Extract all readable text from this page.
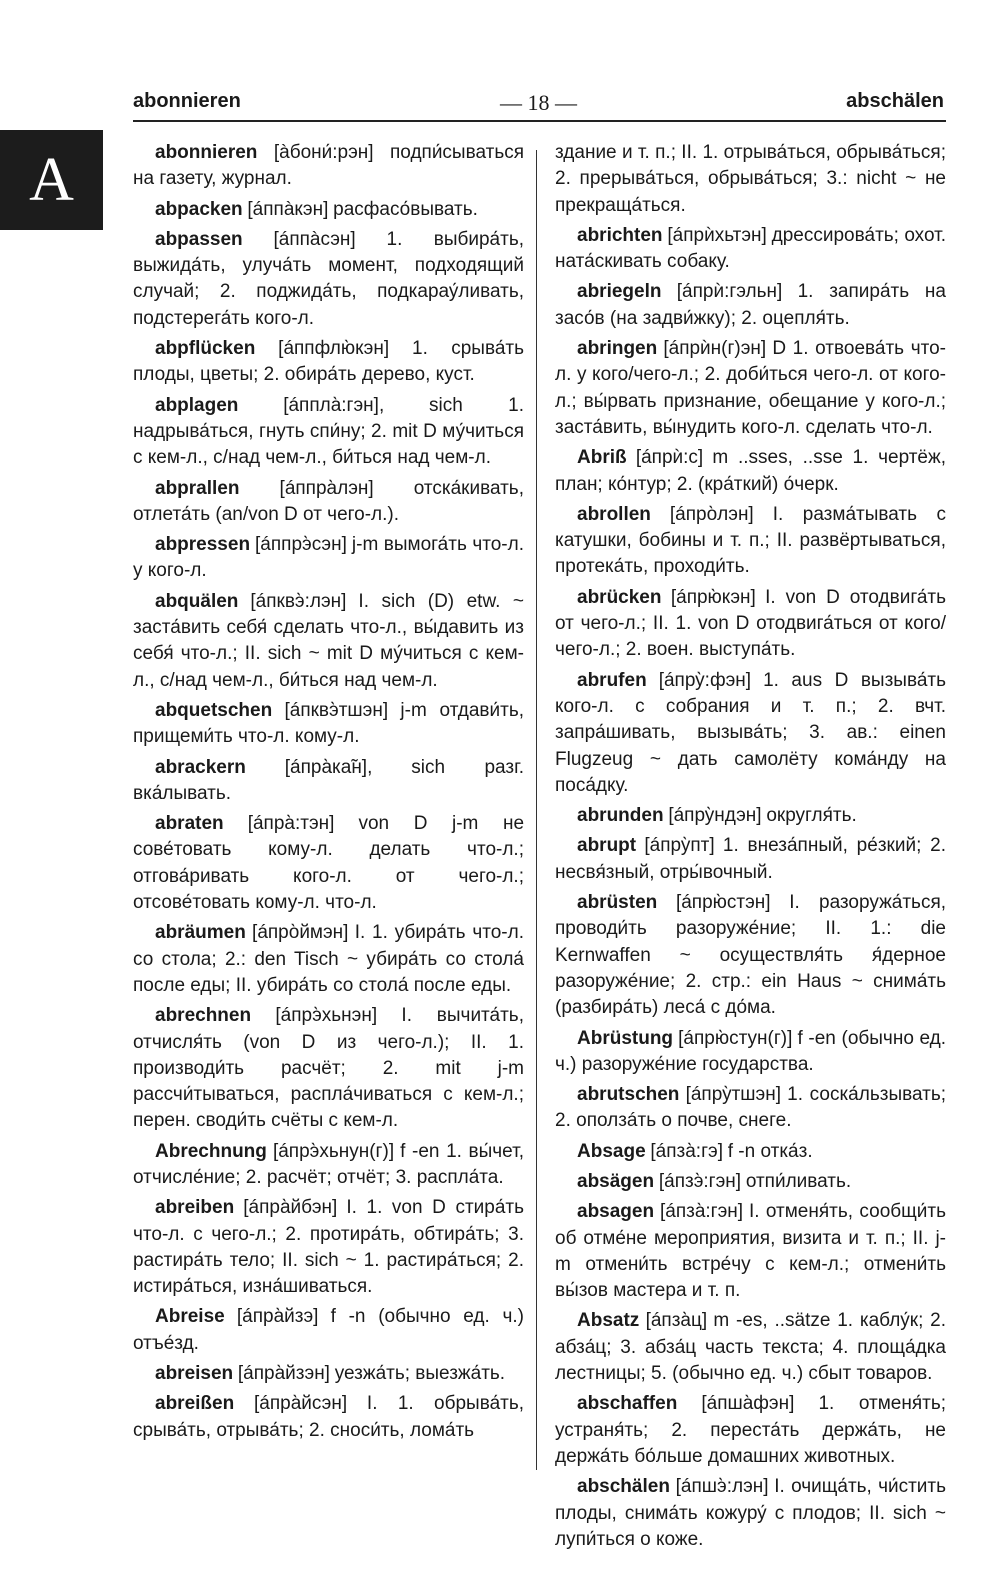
A
abonnieren	— 18 —	abschälen

abonnieren [àбони́:рэн] подпи́сываться на газету, журнал.

abpacken [áппàкэн] расфасо́вывать.

abpassen [áппàсэн] 1. выбира́ть, выжида́ть, улуча́ть момент, подходящий случай; 2. поджида́ть, подкарау́ливать, подстерега́ть кого-л.

abpflücken [áппфлю̀кэн] 1. срыва́ть плоды, цветы; 2. обира́ть дерево, куст.

abplagen [áппла̀:гэн], sich 1. надрыва́ться, гнуть спи́ну; 2. mit D му́читься с кем-л., с/над чем-л., би́ться над чем-л.

abprallen [áппра̀лэн] отска́кивать, отлета́ть (an/von D от чего-л.).

abpressen [áппрэ̀сэн] j-m вымога́ть что-л. у кого-л.

abquälen [áпквэ̀:лэн] I. sich (D) etw. ~ заста́вить себя́ сделать что-л., вы́давить из себя́ что-л.; II. sich ~ mit D му́читься с кем-л., с/над чем-л., би́ться над чем-л.

abquetschen [áпквэ̀тшэн] j-m отдави́ть, прищеми́ть что-л. кому-л.

abrackern [áпра̀ка̃н], sich разг. вка́лывать.

abraten [áпра̀:тэн] von D j-m не сове́товать кому-л. делать что-л.; отгова́ривать кого-л. от чего-л.; отсове́товать кому-л. что-л.

abräumen [áпро̀ймэн] I. 1. убира́ть что-л. со стола; 2.: den Tisch ~ убира́ть со стола́ после еды; II. убира́ть со стола́ после еды.

abrechnen [áпрэ̀хьнэн] I. вычита́ть, отчисля́ть (von D из чего-л.); II. 1. производи́ть расчёт; 2. mit j-m рассчи́тываться, распла́чиваться с кем-л.; перен. своди́ть счёты с кем-л.

Abrechnung [áпрэ̀хьнун(г)] f -en 1. вы́чет, отчисле́ние; 2. расчёт; отчёт; 3. распла́та.

abreiben [áпра̀йбэн] I. 1. von D стира́ть что-л. с чего-л.; 2. протира́ть, обтира́ть; 3. растира́ть тело; II. sich ~ 1. растира́ться; 2. истира́ться, изна́шиваться.

Abreise [áпра̀йзэ] f -n (обычно ед. ч.) отъе́зд.

abreisen [áпра̀йзэн] уезжа́ть; выезжа́ть.

abreißen [áпра̀йсэн] I. 1. обрыва́ть, срыва́ть, отрыва́ть; 2. сноси́ть, лома́ть

здание и т. п.; II. 1. отрыва́ться, обрыва́ться; 2. прерыва́ться, обрыва́ться; 3.: nicht ~ не прекраща́ться.

abrichten [áпрѝхьтэн] дрессирова́ть; охот. ната́скивать собаку.

abriegeln [áпрѝ:гэльн] 1. запира́ть на засо́в (на задви́жку); 2. оцепля́ть.

abringen [áпрѝн(г)эн] D 1. отвоева́ть что-л. у кого/чего-л.; 2. доби́ться чего-л. от кого-л.; вы́рвать признание, обещание у кого-л.; заста́вить, вы́нудить кого-л. сделать что-л.

Abriß [áпрѝ:с] m ..sses, ..sse 1. чертёж, план; ко́нтур; 2. (кра́ткий) о́черк.

abrollen [áпро̀лэн] I. разма́тывать с катушки, бобины и т. п.; II. развёртываться, протека́ть, проходи́ть.

abrücken [áпрю̀кэн] I. von D отодвига́ть от чего-л.; II. 1. von D отодвига́ться от кого/чего-л.; 2. воен. выступа́ть.

abrufen [áпру̀:фэн] 1. aus D вызыва́ть кого-л. с собрания и т. п.; 2. вчт. запра́шивать, вызыва́ть; 3. ав.: einen Flugzeug ~ дать самолёту кома́нду на поса́дку.

abrunden [áпру̀ндэн] округля́ть.

abrupt [áпру̀пт] 1. внеза́пный, ре́зкий; 2. несвя́зный, отры́вочный.

abrüsten [áпрю̀стэн] I. разоружа́ться, проводи́ть разоруже́ние; II. 1.: die Kernwaffen ~ осуществля́ть я́дерное разоруже́ние; 2. стр.: ein Haus ~ снима́ть (разбира́ть) леса́ с до́ма.

Abrüstung [áпрю̀стун(г)] f -en (обычно ед. ч.) разоруже́ние государства.

abrutschen [áпру̀тшэн] 1. соска́льзывать; 2. оползáть о почве, снеге.

Absage [áпза̀:гэ] f -n отка́з.

absägen [áпзэ̀:гэн] отпи́ливать.

absagen [áпза̀:гэн] I. отменя́ть, сообщи́ть об отме́не мероприятия, визита и т. п.; II. j-m отмени́ть встре́чу с кем-л.; отмени́ть вы́зов мастера и т. п.

Absatz [áпза̀ц] m -es, ..sätze 1. каблу́к; 2. абза́ц; 3. абза́ц часть текста; 4. площа́дка лестницы; 5. (обычно ед. ч.) сбыт товаров.

abschaffen [áпша̀фэн] 1. отменя́ть; устраня́ть; 2. переста́ть держа́ть, не держа́ть бо́льше домашних животных.

abschälen [áпшэ̀:лэн] I. очища́ть, чи́стить плоды, снима́ть кожуру́ с плодов; II. sich ~ лупи́ться о коже.
